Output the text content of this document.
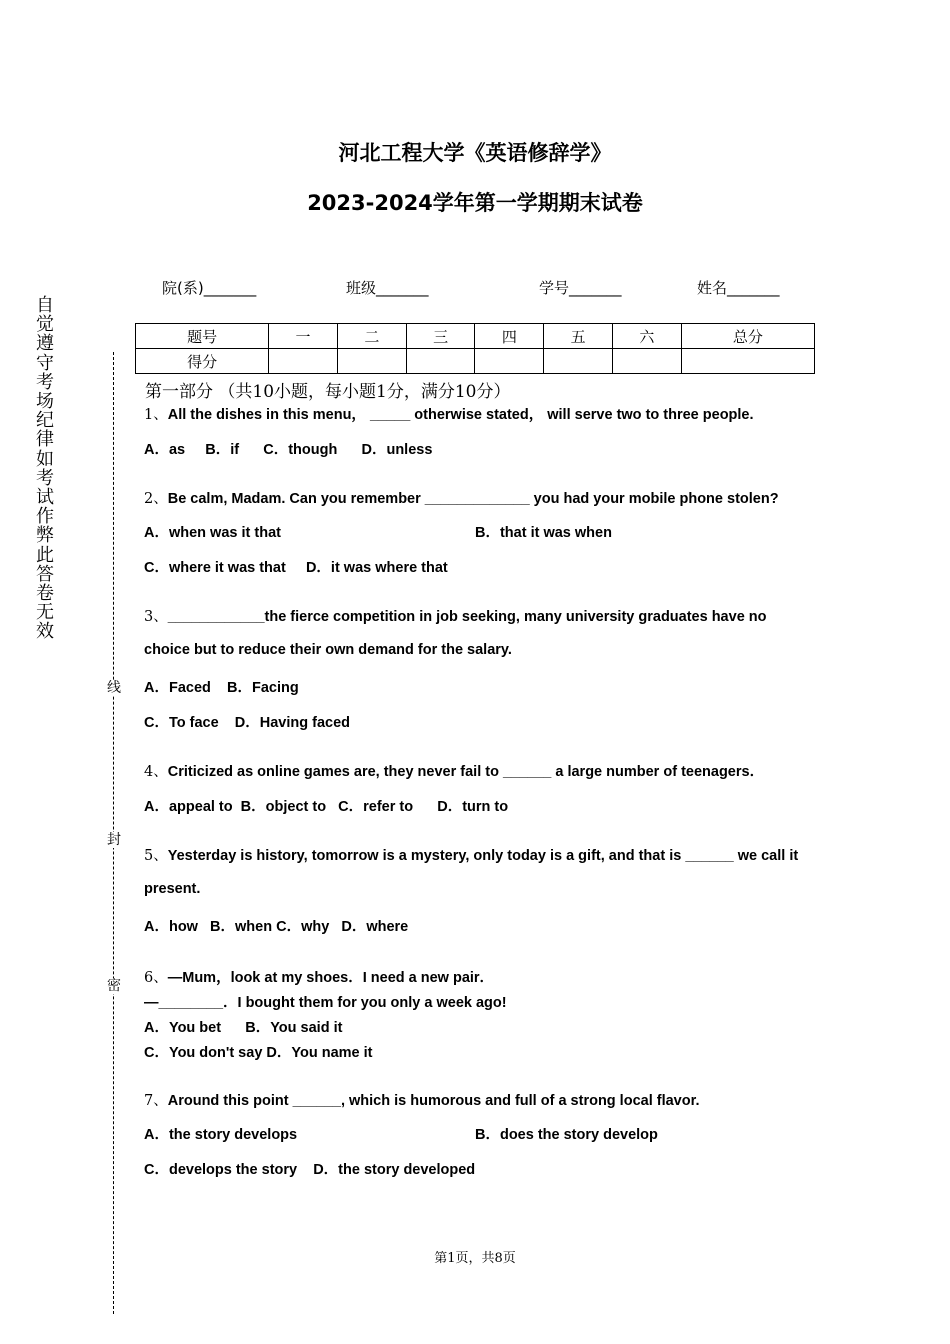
河北工程大学《英语修辞学》
2023-2024学年第一学期期末试卷
自觉遵守考场纪律如考试作弊此答卷无效
线
封
密
院(系)_______	班级_______	学号_______	姓名_______
题号	一	二	三	四	五	六	总分
得分							
第一部分 （共10小题，每小题1分，满分10分）
1、All the dishes in this menu， _____ otherwise stated， will serve two to three people.
A．as     B．if      C．though      D．unless
2、Be calm, Madam. Can you remember _____________ you had your mobile phone stolen?
A．when was it that	B．that it was when
C．where it was that     D．it was where that
3、____________the fierce competition in job seeking, many university graduates have no
choice but to reduce their own demand for the salary.
A．Faced    B．Facing
C．To face    D．Having faced
4、Criticized as online games are, they never fail to ______ a large number of teenagers．
A．appeal to  B．object to   C．refer to      D．turn to
5、Yesterday is history, tomorrow is a mystery, only today is a gift, and that is ______ we call it
present.
A．how   B．when C．why   D．where
6、—Mum，look at my shoes．I need a new pair．
—________．I bought them for you only a week ago!
A．You bet      B．You said it
C．You don't say D．You name it
7、Around this point ______, which is humorous and full of a strong local flavor.
A．the story develops	B．does the story develop
C．develops the story    D．the story developed
第1页，共8页
